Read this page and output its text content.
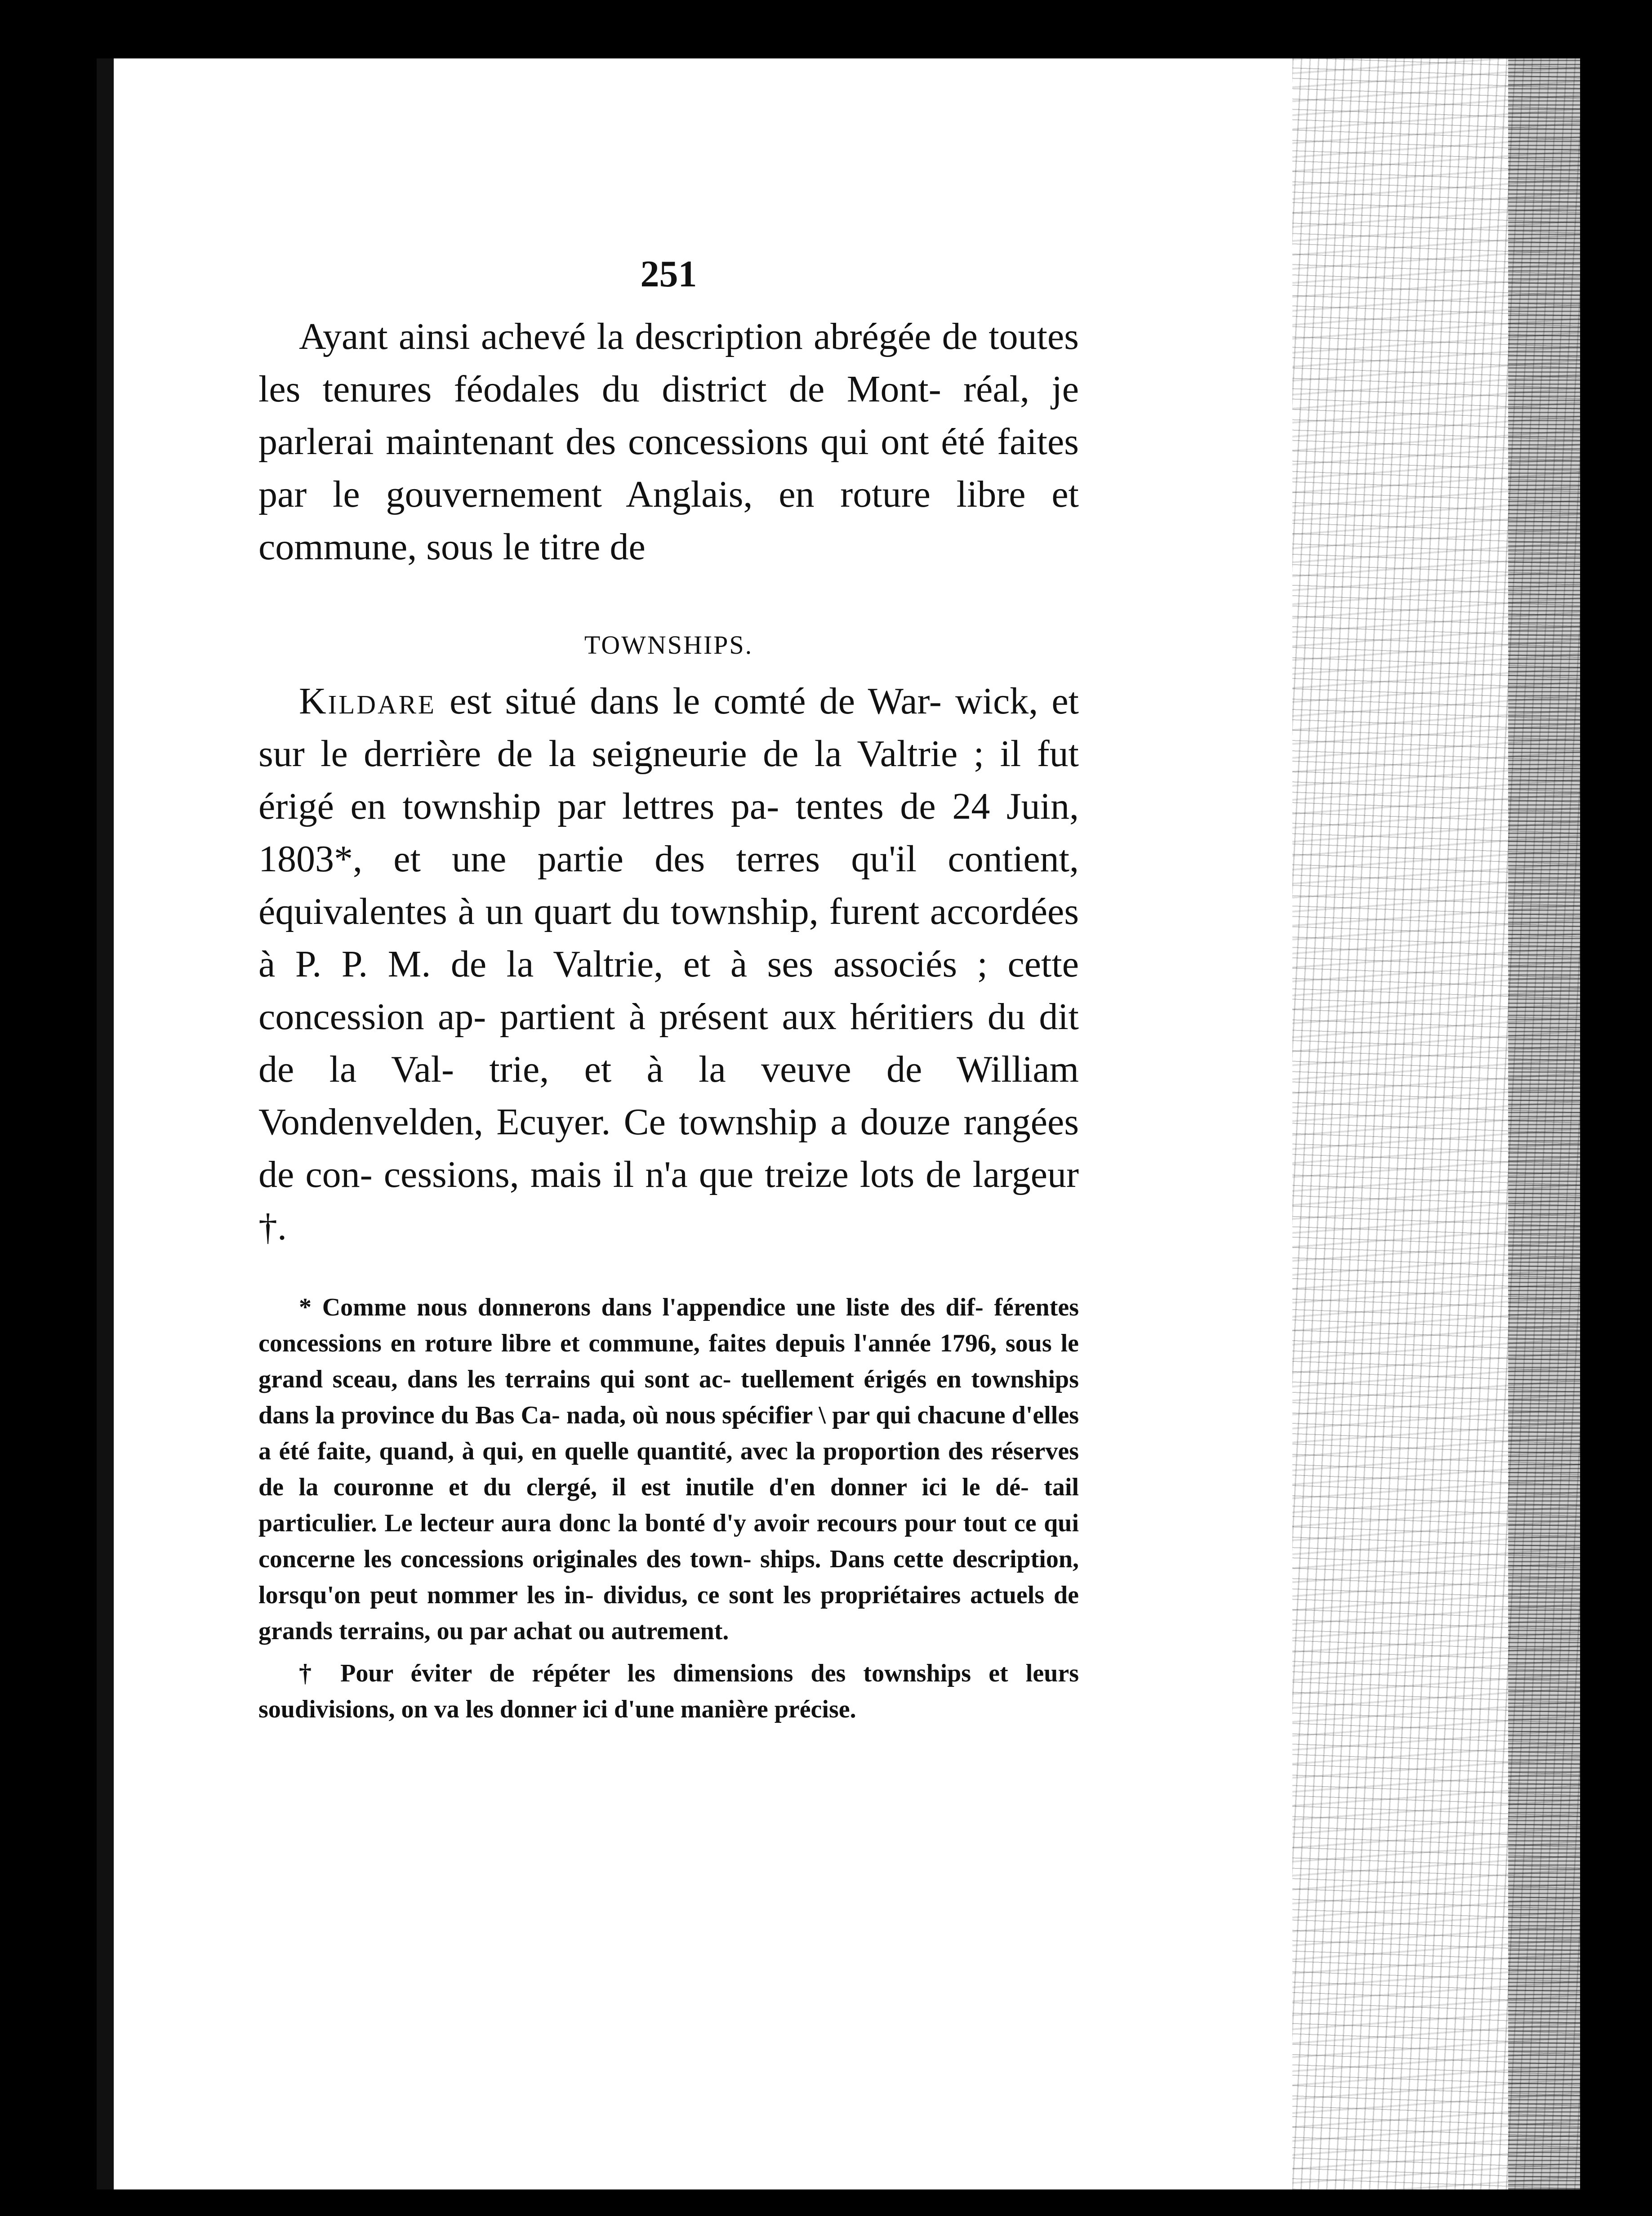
251

Ayant ainsi achevé la description abrégée de toutes les tenures féodales du district de Mont- réal, je parlerai maintenant des concessions qui ont été faites par le gouvernement Anglais, en roture libre et commune, sous le titre de

TOWNSHIPS.

Kildare est situé dans le comté de War- wick, et sur le derrière de la seigneurie de la Valtrie ; il fut érigé en township par lettres pa- tentes de 24 Juin, 1803*, et une partie des terres qu'il contient, équivalentes à un quart du township, furent accordées à P. P. M. de la Valtrie, et à ses associés ; cette concession ap- partient à présent aux héritiers du dit de la Val- trie, et à la veuve de William Vondenvelden, Ecuyer. Ce township a douze rangées de con- cessions, mais il n'a que treize lots de largeur †.

* Comme nous donnerons dans l'appendice une liste des dif- férentes concessions en roture libre et commune, faites depuis l'année 1796, sous le grand sceau, dans les terrains qui sont ac- tuellement érigés en townships dans la province du Bas Ca- nada, où nous spécifier \ par qui chacune d'elles a été faite, quand, à qui, en quelle quantité, avec la proportion des réserves de la couronne et du clergé, il est inutile d'en donner ici le dé- tail particulier. Le lecteur aura donc la bonté d'y avoir recours pour tout ce qui concerne les concessions originales des town- ships. Dans cette description, lorsqu'on peut nommer les in- dividus, ce sont les propriétaires actuels de grands terrains, ou par achat ou autrement.

† Pour éviter de répéter les dimensions des townships et leurs soudivisions, on va les donner ici d'une manière précise.
